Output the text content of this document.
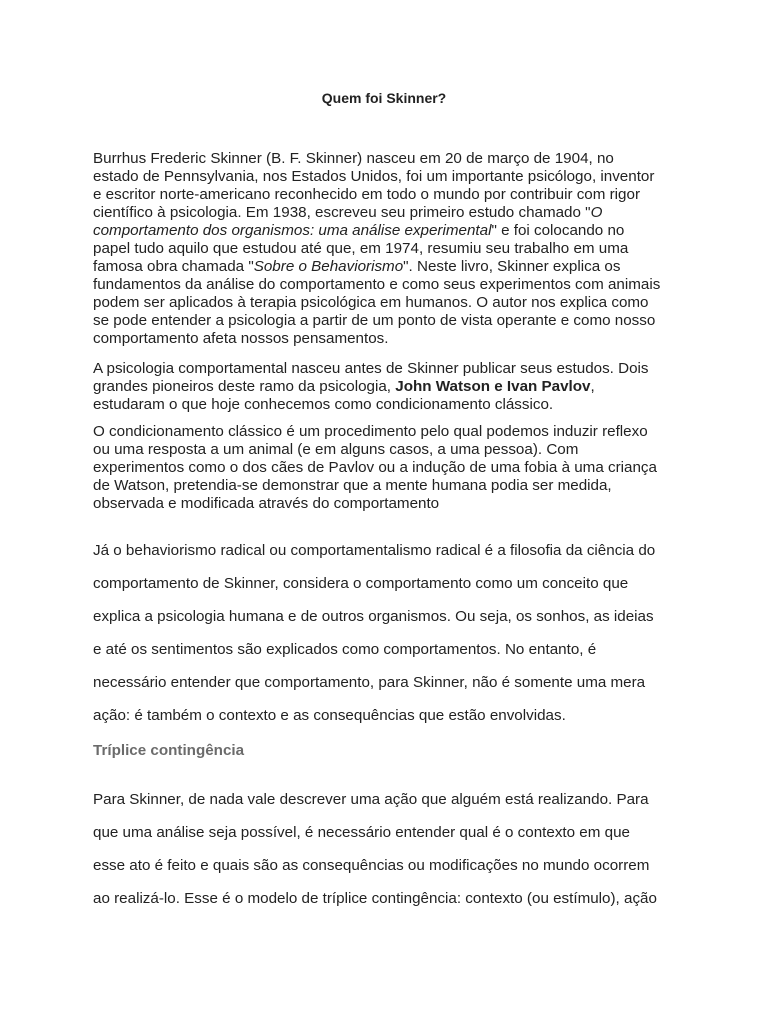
Quem foi Skinner?
Burrhus Frederic Skinner (B. F. Skinner) nasceu em 20 de março de 1904, no
estado de Pennsylvania, nos Estados Unidos, foi um importante psicólogo, inventor
e escritor norte-americano reconhecido em todo o mundo por contribuir com rigor
científico à psicologia. Em 1938, escreveu seu primeiro estudo chamado "O
comportamento dos organismos: uma análise experimental" e foi colocando no
papel tudo aquilo que estudou até que, em 1974, resumiu seu trabalho em uma
famosa obra chamada "Sobre o Behaviorismo". Neste livro, Skinner explica os
fundamentos da análise do comportamento e como seus experimentos com animais
podem ser aplicados à terapia psicológica em humanos. O autor nos explica como
se pode entender a psicologia a partir de um ponto de vista operante e como nosso
comportamento afeta nossos pensamentos.
A psicologia comportamental nasceu antes de Skinner publicar seus estudos. Dois
grandes pioneiros deste ramo da psicologia, John Watson e Ivan Pavlov,
estudaram o que hoje conhecemos como condicionamento clássico.
O condicionamento clássico é um procedimento pelo qual podemos induzir reflexo
ou uma resposta a um animal (e em alguns casos, a uma pessoa). Com
experimentos como o dos cães de Pavlov ou a indução de uma fobia à uma criança
de Watson, pretendia-se demonstrar que a mente humana podia ser medida,
observada e modificada através do comportamento
Já o behaviorismo radical ou comportamentalismo radical é a filosofia da ciência do
comportamento de Skinner, considera o comportamento como um conceito que
explica a psicologia humana e de outros organismos. Ou seja, os sonhos, as ideias
e até os sentimentos são explicados como comportamentos. No entanto, é
necessário entender que comportamento, para Skinner, não é somente uma mera
ação: é também o contexto e as consequências que estão envolvidas.
Tríplice contingência
Para Skinner, de nada vale descrever uma ação que alguém está realizando. Para
que uma análise seja possível, é necessário entender qual é o contexto em que
esse ato é feito e quais são as consequências ou modificações no mundo ocorrem
ao realizá-lo. Esse é o modelo de tríplice contingência: contexto (ou estímulo), ação
